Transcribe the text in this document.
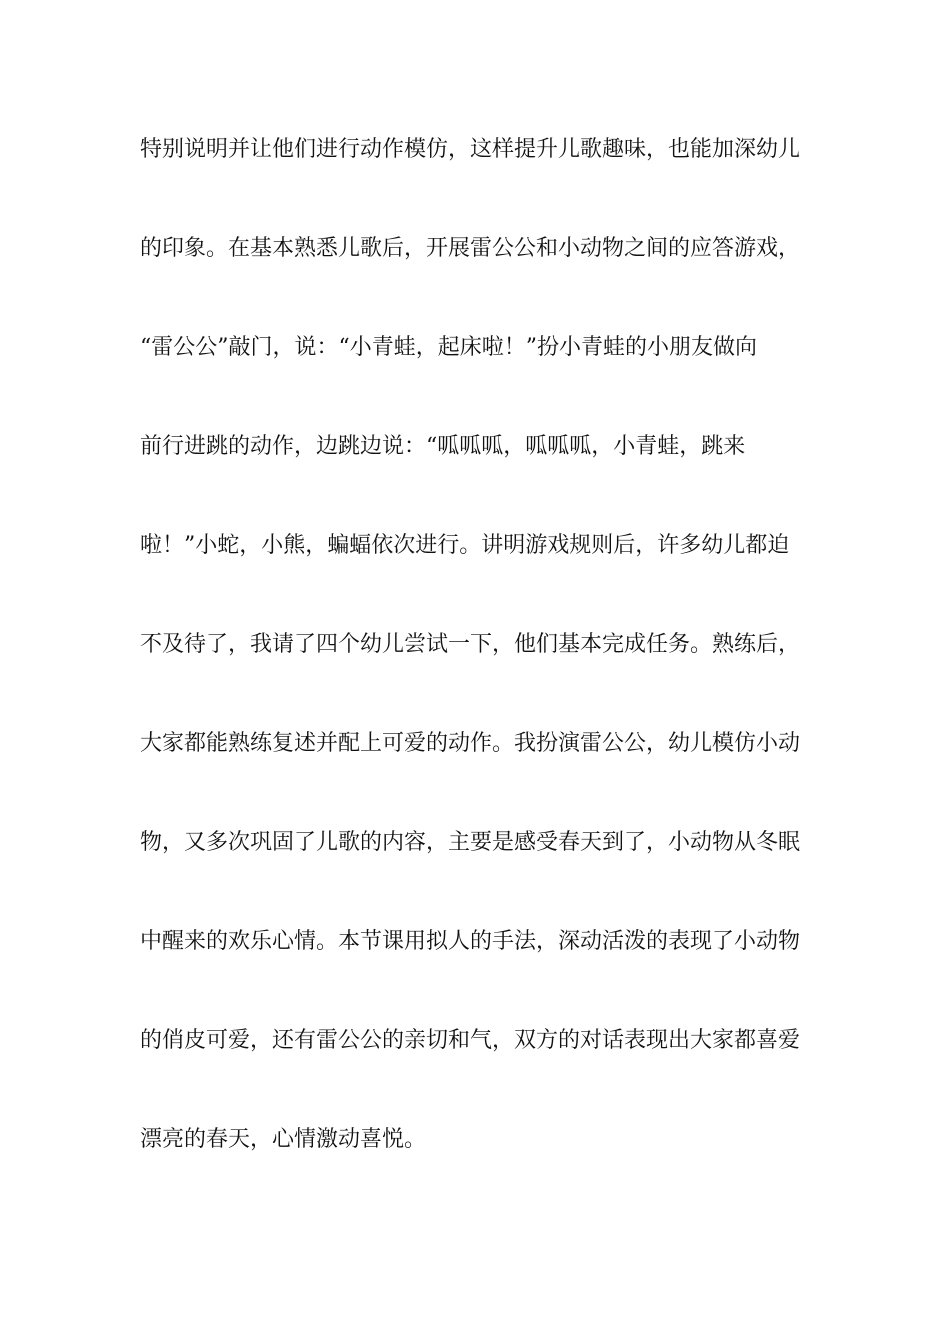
特别说明并让他们进行动作模仿，这样提升儿歌趣味，也能加深幼儿
的印象。在基本熟悉儿歌后，开展雷公公和小动物之间的应答游戏，
“雷公公”敲门，说：“小青蛙，起床啦！”扮小青蛙的小朋友做向
前行进跳的动作，边跳边说：“呱呱呱，呱呱呱，小青蛙，跳来
啦！”小蛇，小熊，蝙蝠依次进行。讲明游戏规则后，许多幼儿都迫
不及待了，我请了四个幼儿尝试一下，他们基本完成任务。熟练后，
大家都能熟练复述并配上可爱的动作。我扮演雷公公，幼儿模仿小动
物，又多次巩固了儿歌的内容，主要是感受春天到了，小动物从冬眠
中醒来的欢乐心情。本节课用拟人的手法，深动活泼的表现了小动物
的俏皮可爱，还有雷公公的亲切和气，双方的对话表现出大家都喜爱
漂亮的春天，心情激动喜悦。
